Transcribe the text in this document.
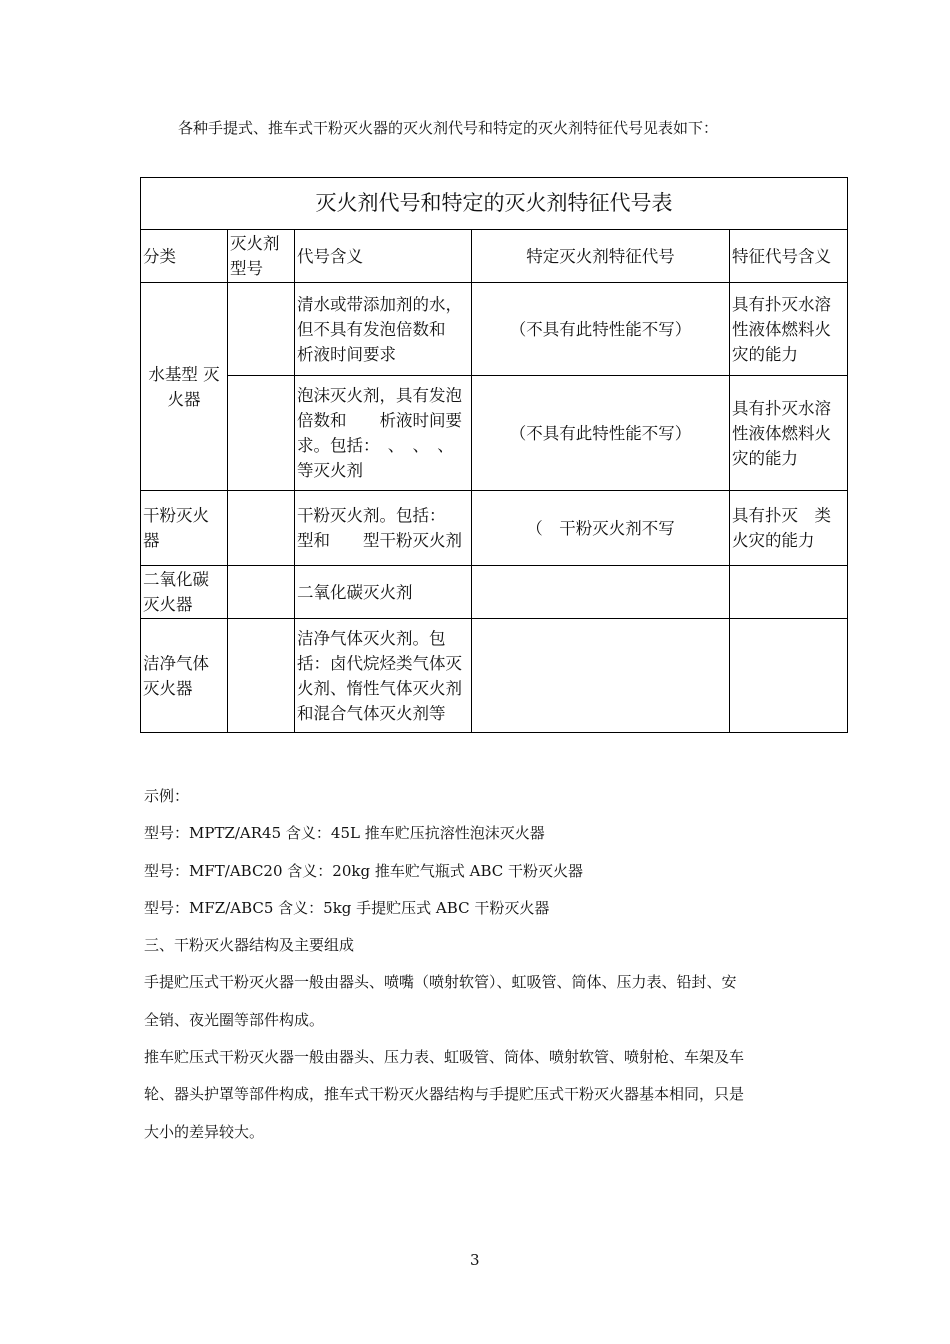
各种手提式、推车式干粉灭火器的灭火剂代号和特定的灭火剂特征代号见表如下：
灭火剂代号和特定的灭火剂特征代号表				
分类	灭火剂型号	代号含义	特定灭火剂特征代号	特征代号含义
水基型 灭火器		清水或带添加剂的水，但不具有发泡倍数和　析液时间要求	（不具有此特性能不写）	具有扑灭水溶性液体燃料火灾的能力
		泡沫灭火剂，具有发泡倍数和　　析液时间要求。包括：　、　、　、　　　　等灭火剂	（不具有此特性能不写）	具有扑灭水溶性液体燃料火灾的能力
干粉灭火器		干粉灭火剂。包括：　型和　　型干粉灭火剂	（　干粉灭火剂不写	具有扑灭　类火灾的能力
二氧化碳灭火器		二氧化碳灭火剂		
洁净气体灭火器		洁净气体灭火剂。包括：卤代烷烃类气体灭火剂、惰性气体灭火剂和混合气体灭火剂等		
示例：
型号：MPTZ/AR45 含义：45L 推车贮压抗溶性泡沫灭火器
型号：MFT/ABC20 含义：20kg 推车贮气瓶式 ABC 干粉灭火器
型号：MFZ/ABC5 含义：5kg 手提贮压式 ABC 干粉灭火器
三、干粉灭火器结构及主要组成
手提贮压式干粉灭火器一般由器头、喷嘴（喷射软管）、虹吸管、筒体、压力表、铅封、安
全销、夜光圈等部件构成。
推车贮压式干粉灭火器一般由器头、压力表、虹吸管、筒体、喷射软管、喷射枪、车架及车
轮、器头护罩等部件构成，推车式干粉灭火器结构与手提贮压式干粉灭火器基本相同，只是
大小的差异较大。
3
